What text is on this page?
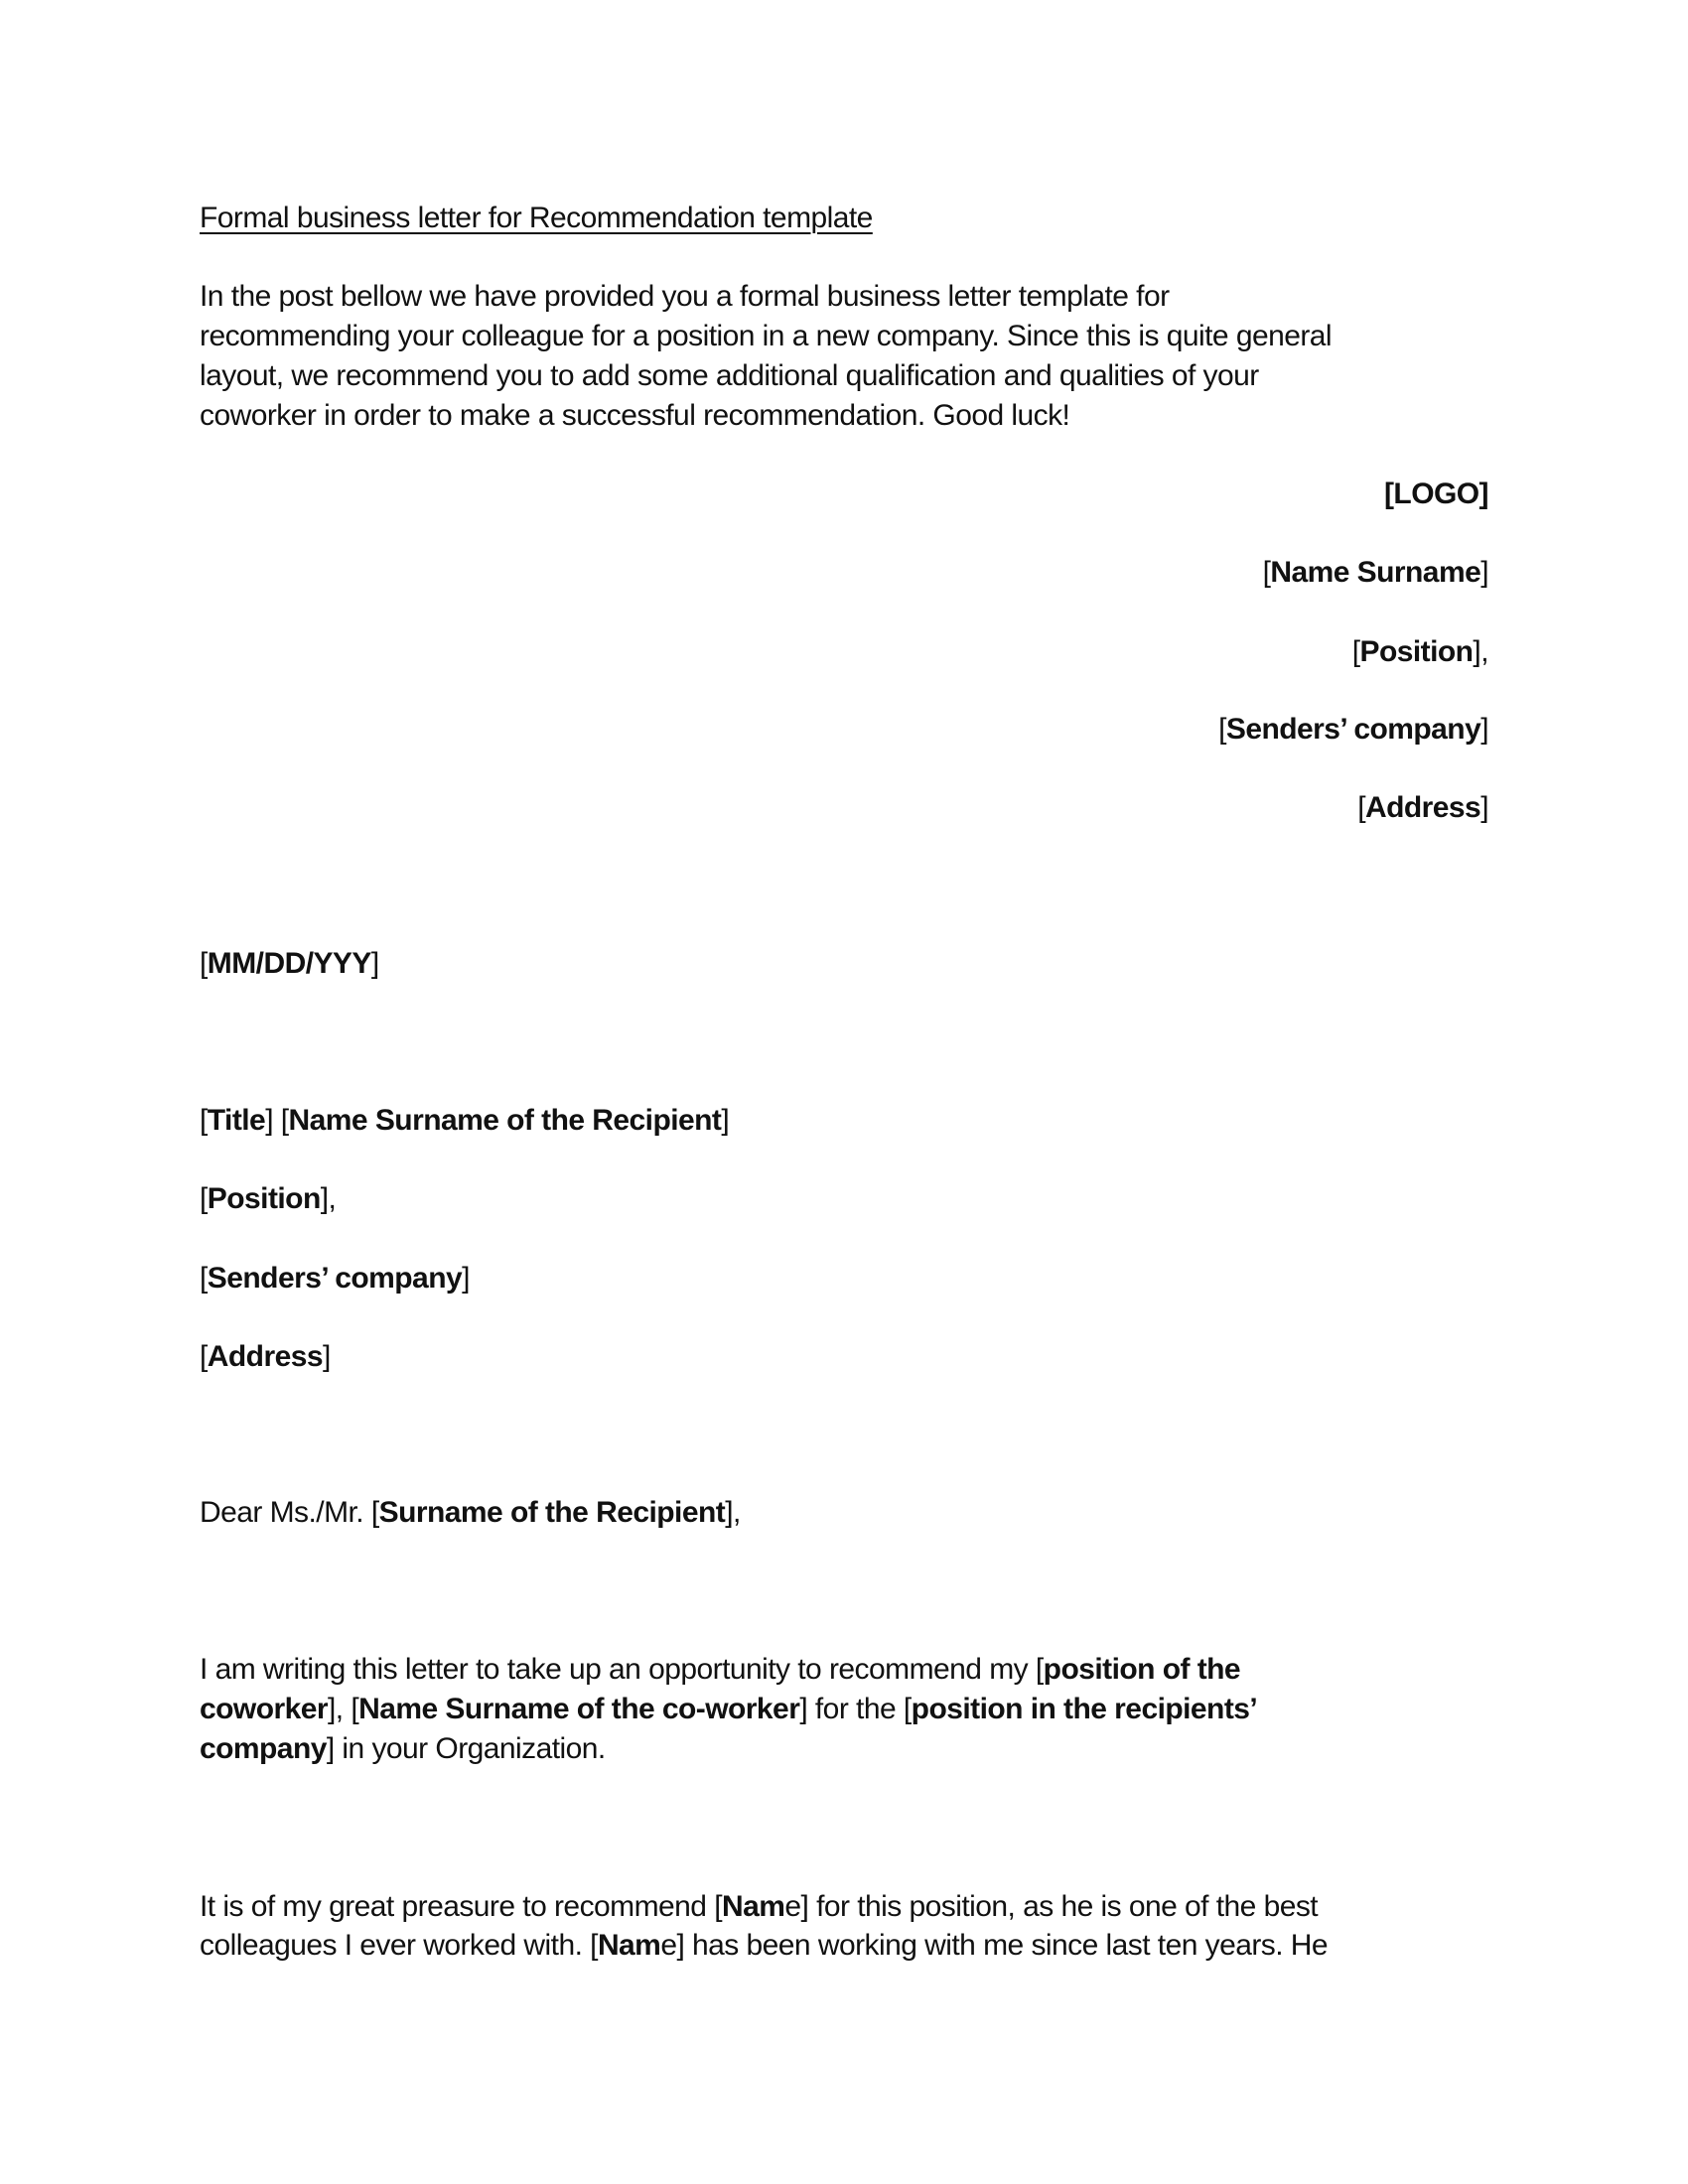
Formal business letter for Recommendation template
In the post bellow we have provided you a formal business letter template for
recommending your colleague for a position in a new company. Since this is quite general
layout, we recommend you to add some additional qualification and qualities of your
coworker in order to make a successful recommendation. Good luck!
[LOGO]
[Name Surname]
[Position],
[Senders’ company]
[Address]
[MM/DD/YYY]
[Title] [Name Surname of the Recipient]
[Position],
[Senders’ company]
[Address]
Dear Ms./Mr. [Surname of the Recipient],
I am writing this letter to take up an opportunity to recommend my [position of the
coworker], [Name Surname of the co-worker] for the [position in the recipients’
company] in your Organization.
It is of my great preasure to recommend [Name] for this position, as he is one of the best
colleagues I ever worked with. [Name] has been working with me since last ten years. He
